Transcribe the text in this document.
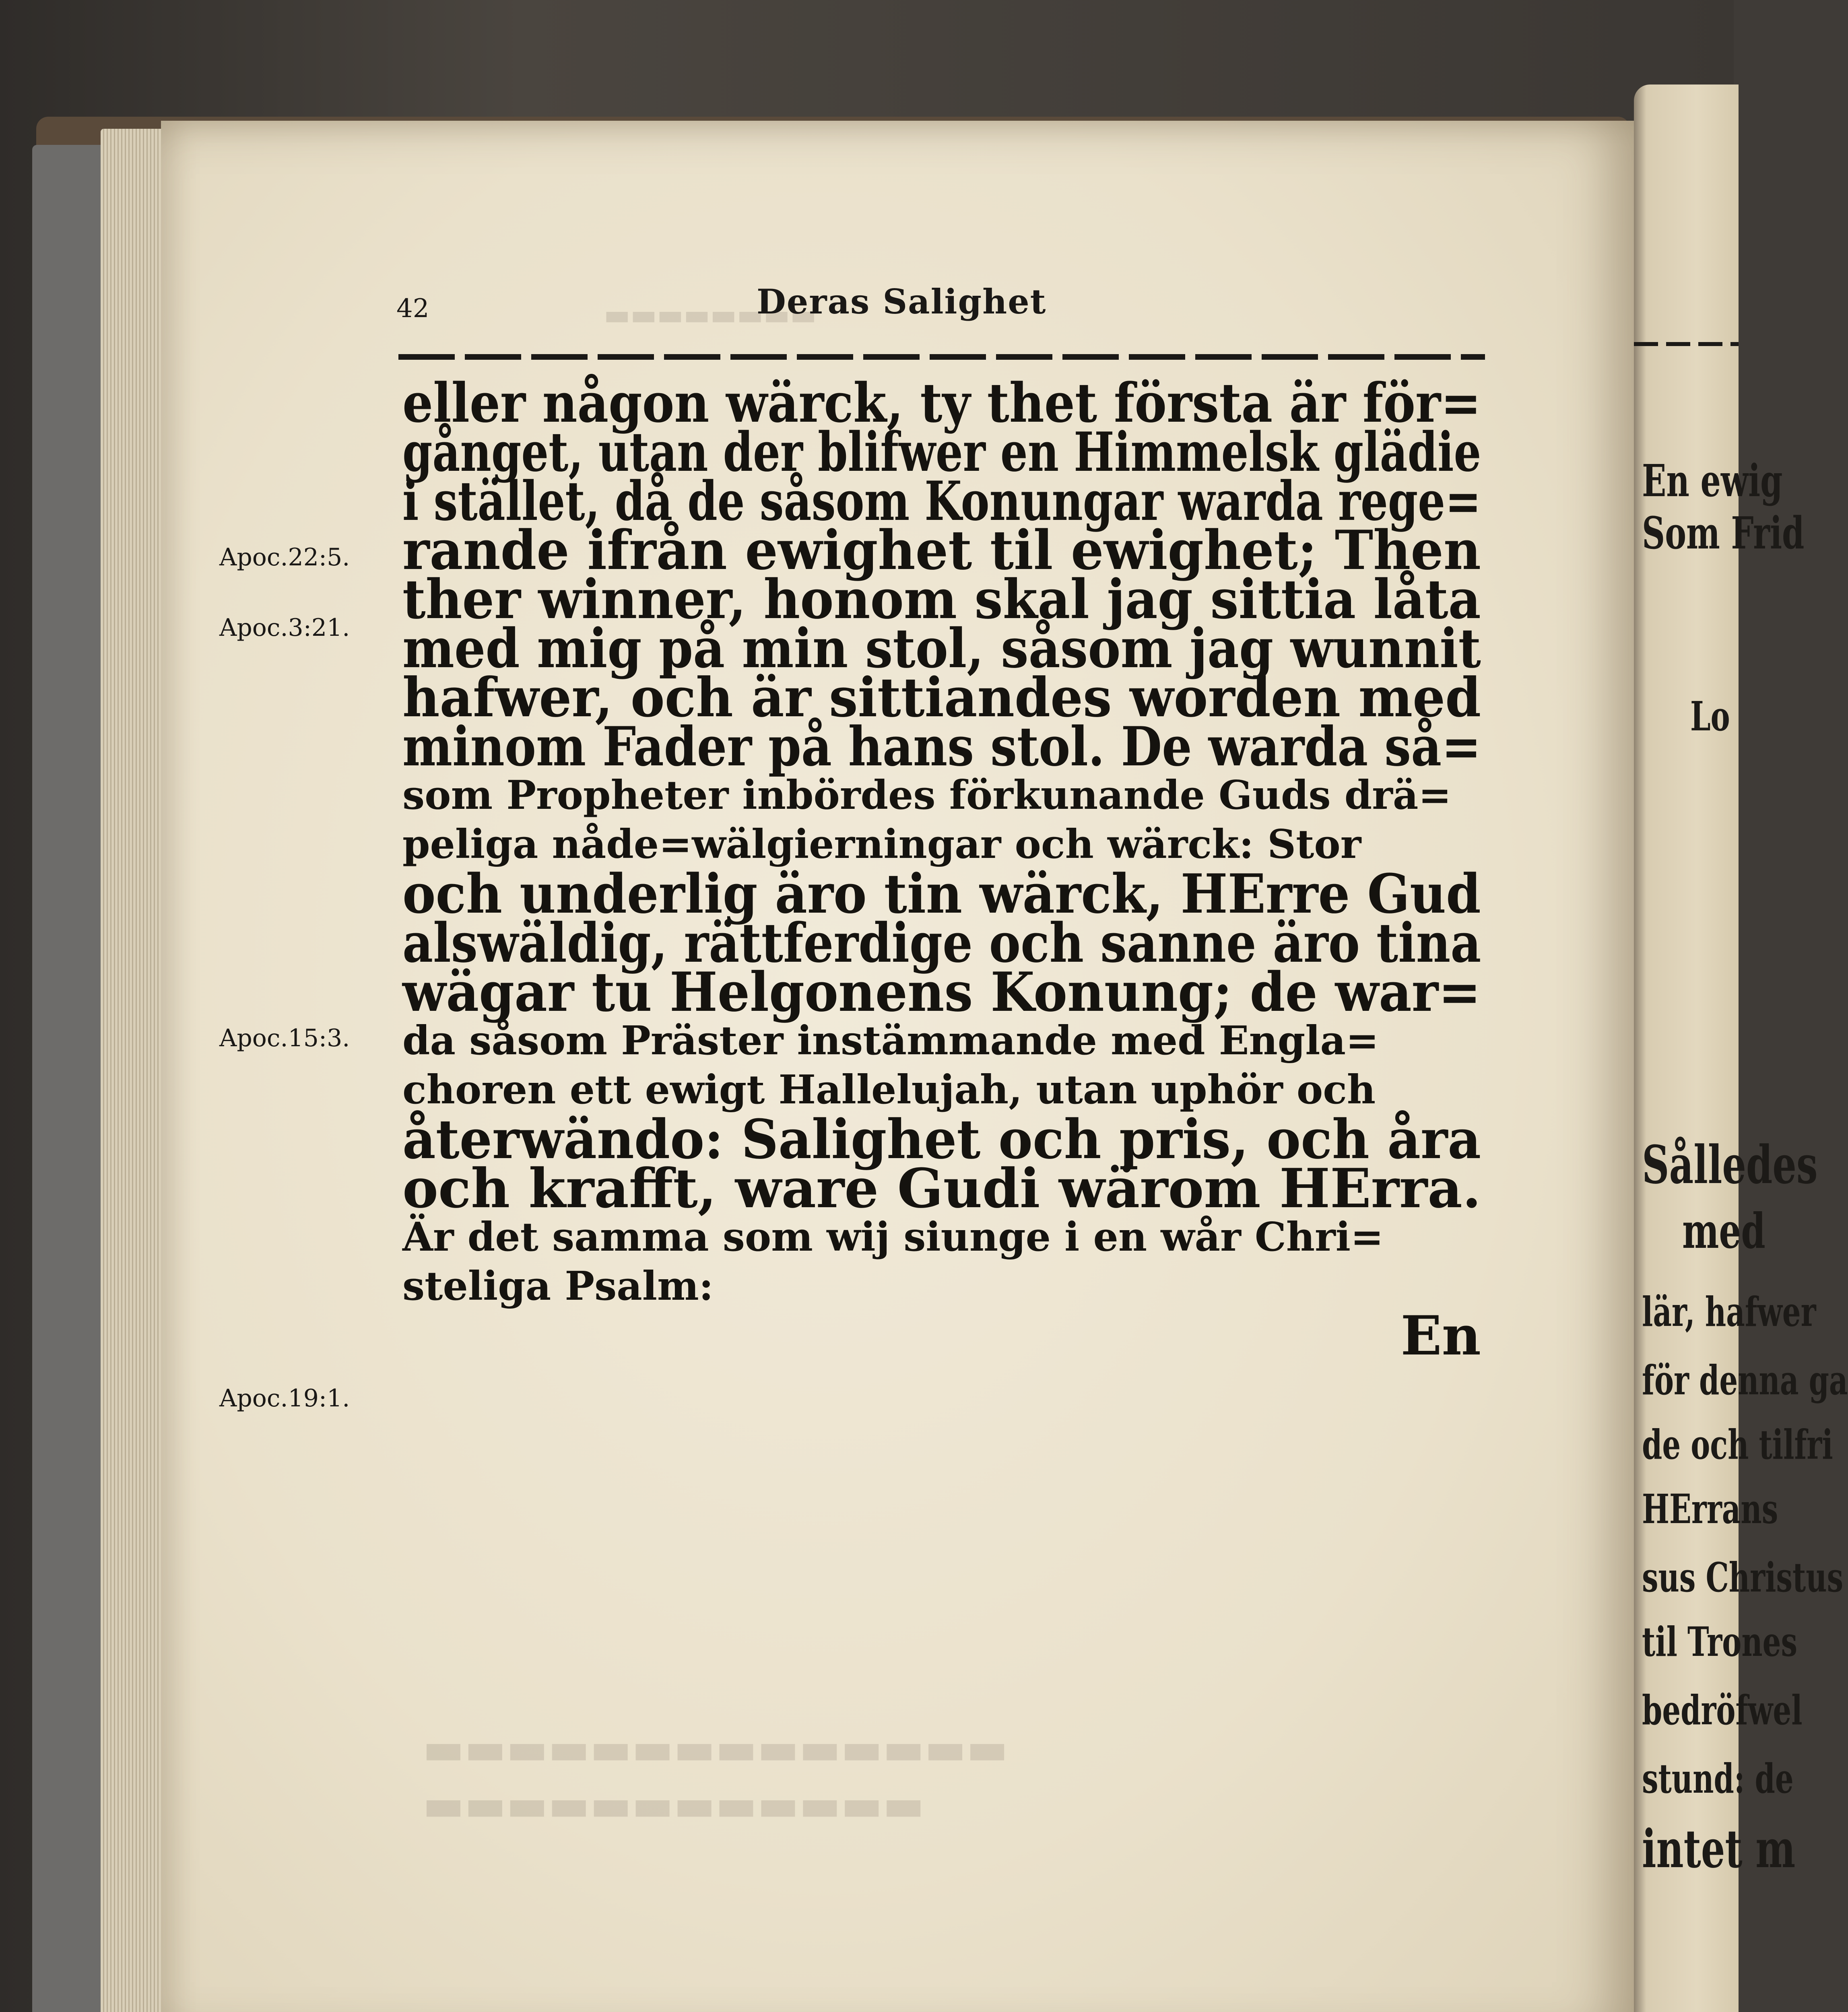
▬▬▬▬▬▬▬▬
▬▬▬▬▬▬▬▬▬▬▬▬▬▬
▬▬▬▬▬▬▬▬▬▬▬▬
42	Deras Salighet
eller någon wärck, ty thet första är för=
gånget, utan der blifwer en Himmelsk glädie
i stället, då de såsom Konungar warda rege=
rande ifrån ewighet til ewighet; Then
ther winner, honom skal jag sittia låta
med mig på min stol, såsom jag wunnit
hafwer, och är sittiandes worden med
minom Fader på hans stol. De warda så=
som Propheter inbördes förkunande Guds drä=
peliga nåde=wälgierningar och wärck: Stor
och underlig äro tin wärck, HErre Gud
alswäldig, rättferdige och sanne äro tina
wägar tu Helgonens Konung; de war=
da såsom Präster instämmande med Engla=
choren ett ewigt Hallelujah, utan uphör och
återwändo: Salighet och pris, och åra
och krafft, ware Gudi wärom HErra.
Är det samma som wij siunge i en wår Chri=
steliga Psalm:
En
Apoc.22:5.
Apoc.3:21.
Apoc.15:3.
Apoc.19:1.
En ewig
Som Frid
Lo
Sålledes
med
lär, hafwer
för denna ga
de och tilfri
HErrans
sus Christus
til Trones
bedröfwel
stund: de
intet m
